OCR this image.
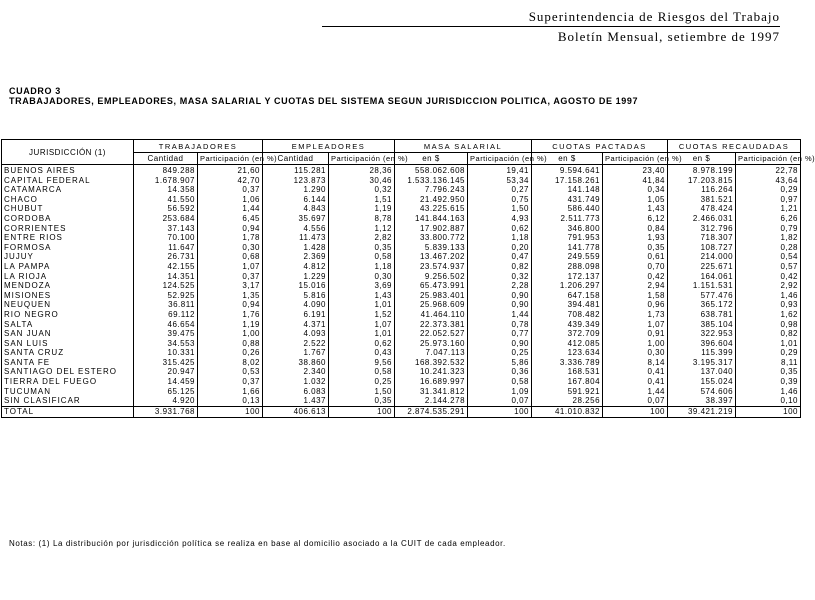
Superintendencia de Riesgos del Trabajo
Boletín Mensual, setiembre de 1997
CUADRO 3
TRABAJADORES, EMPLEADORES, MASA SALARIAL Y CUOTAS DEL SISTEMA SEGUN JURISDICCION POLITICA, AGOSTO DE 1997
JURISDICCIÓN (1)	TRABAJADORES		EMPLEADORES		MASA SALARIAL		CUOTAS PACTADAS		CUOTAS RECAUDADAS	
	Cantidad	Participación (en %)	Cantidad	Participación (en %)	en $	Participación (en %)	en $	Participación (en %)	en $	Participación (en %)
BUENOS AIRES	849.288	21,60	115.281	28,36	558.062.608	19,41	9.594.641	23,40	8.978.199	22,78
CAPITAL FEDERAL	1.678.907	42,70	123.873	30,46	1.533.136.145	53,34	17.158.261	41,84	17.203.815	43,64
CATAMARCA	14.358	0,37	1.290	0,32	7.796.243	0,27	141.148	0,34	116.264	0,29
CHACO	41.550	1,06	6.144	1,51	21.492.950	0,75	431.749	1,05	381.521	0,97
CHUBUT	56.592	1,44	4.843	1,19	43.225.615	1,50	586.440	1,43	478.424	1,21
CORDOBA	253.684	6,45	35.697	8,78	141.844.163	4,93	2.511.773	6,12	2.466.031	6,26
CORRIENTES	37.143	0,94	4.556	1,12	17.902.887	0,62	346.800	0,84	312.796	0,79
ENTRE RIOS	70.100	1,78	11.473	2,82	33.800.772	1,18	791.953	1,93	718.307	1,82
FORMOSA	11.647	0,30	1.428	0,35	5.839.133	0,20	141.778	0,35	108.727	0,28
JUJUY	26.731	0,68	2.369	0,58	13.467.202	0,47	249.559	0,61	214.000	0,54
LA PAMPA	42.155	1,07	4.812	1,18	23.574.937	0,82	288.098	0,70	225.671	0,57
LA RIOJA	14.351	0,37	1.229	0,30	9.256.502	0,32	172.137	0,42	164.061	0,42
MENDOZA	124.525	3,17	15.016	3,69	65.473.991	2,28	1.206.297	2,94	1.151.531	2,92
MISIONES	52.925	1,35	5.816	1,43	25.983.401	0,90	647.158	1,58	577.476	1,46
NEUQUEN	36.811	0,94	4.090	1,01	25.968.609	0,90	394.481	0,96	365.172	0,93
RIO NEGRO	69.112	1,76	6.191	1,52	41.464.110	1,44	708.482	1,73	638.781	1,62
SALTA	46.654	1,19	4.371	1,07	22.373.381	0,78	439.349	1,07	385.104	0,98
SAN JUAN	39.475	1,00	4.093	1,01	22.052.527	0,77	372.709	0,91	322.953	0,82
SAN LUIS	34.553	0,88	2.522	0,62	25.973.160	0,90	412.085	1,00	396.604	1,01
SANTA CRUZ	10.331	0,26	1.767	0,43	7.047.113	0,25	123.634	0,30	115.399	0,29
SANTA FE	315.425	8,02	38.860	9,56	168.392.532	5,86	3.336.789	8,14	3.195.317	8,11
SANTIAGO DEL ESTERO	20.947	0,53	2.340	0,58	10.241.323	0,36	168.531	0,41	137.040	0,35
TIERRA DEL FUEGO	14.459	0,37	1.032	0,25	16.689.997	0,58	167.804	0,41	155.024	0,39
TUCUMAN	65.125	1,66	6.083	1,50	31.341.812	1,09	591.921	1,44	574.606	1,46
SIN CLASIFICAR	4.920	0,13	1.437	0,35	2.144.278	0,07	28.256	0,07	38.397	0,10
TOTAL	3.931.768	100	406.613	100	2.874.535.291	100	41.010.832	100	39.421.219	100
Notas: (1) La distribución por jurisdicción política se realiza en base al domicilio asociado a la CUIT de cada empleador.
